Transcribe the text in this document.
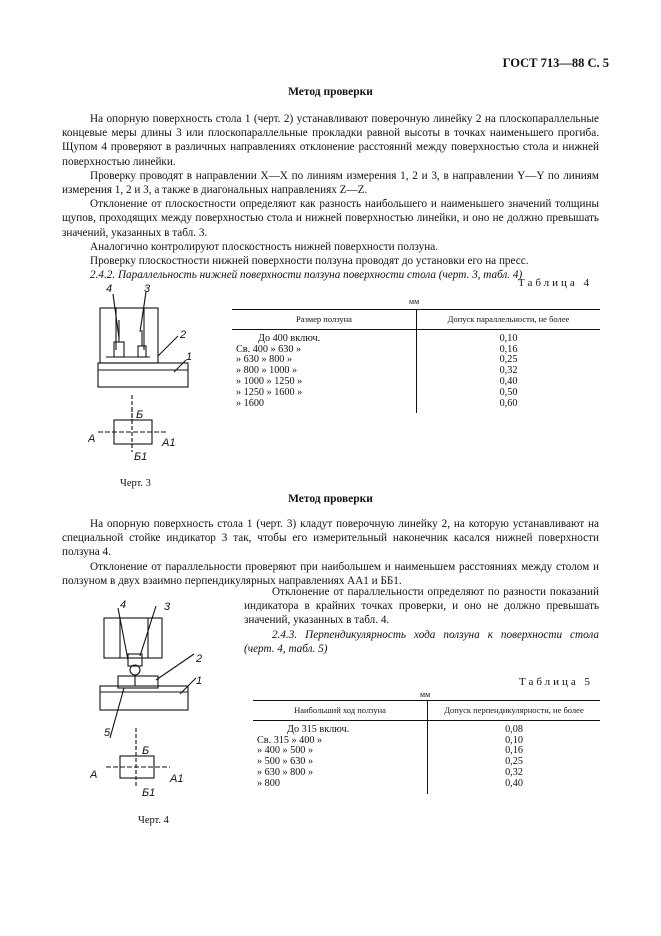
ГОСТ 713—88 С. 5
Метод проверки
На опорную поверхность стола 1 (черт. 2) устанавливают поверочную линейку 2 на плоскопараллельные концевые меры длины 3 или плоскопараллельные прокладки равной высоты в точках наименьшего прогиба. Щупом 4 проверяют в различных направлениях отклонение расстояний между поверхностью стола и нижней поверхностью линейки.
Проверку проводят в направлении X—X по линиям измерения 1, 2 и 3, в направлении Y—Y по линиям измерения 1, 2 и 3, а также в диагональных направлениях Z—Z.
Отклонение от плоскостности определяют как разность наибольшего и наименьшего значений толщины щупов, проходящих между поверхностью стола и нижней поверхностью линейки, и оно не должно превышать значений, указанных в табл. 3.
Аналогично контролируют плоскостность нижней поверхности ползуна.
Проверку плоскостности нижней поверхности ползуна проводят до установки его на пресс.
2.4.2. Параллельность нижней поверхности ползуна поверхности стола (черт. 3, табл. 4)
4	3
2
1
Б
Б1
А	А1
Черт. 3
Таблица 4
мм
Размер ползуна	Допуск параллельности, не более
До 400 включ.	0,10
Св. 400 » 630 »	0,16
» 630 » 800 »	0,25
» 800 » 1000 »	0,32
» 1000 » 1250 »	0,40
» 1250 » 1600 »	0,50
» 1600	0,60
Метод проверки
На опорную поверхность стола 1 (черт. 3) кладут поверочную линейку 2, на которую устанавливают на специальной стойке индикатор 3 так, чтобы его измерительный наконечник касался нижней поверхности ползуна 4.
Отклонение от параллельности проверяют при наибольшем и наименьшем расстояниях между столом и ползуном в двух взаимно перпендикулярных направлениях АА1 и ББ1.
Отклонение от параллельности определяют по разности показаний индикатора в крайних точках проверки, и оно не должно превышать значений, указанных в табл. 4.
2.4.3. Перпендикулярность хода ползуна к поверхности стола (черт. 4, табл. 5)
4	3
2
1
5
Б
Б1
А	А1
Черт. 4
Таблица 5
мм
Наибольший ход ползуна	Допуск перпендикулярности, не более
До 315 включ.	0,08
Св. 315 » 400 »	0,10
» 400 » 500 »	0,16
» 500 » 630 »	0,25
» 630 » 800 »	0,32
» 800	0,40
